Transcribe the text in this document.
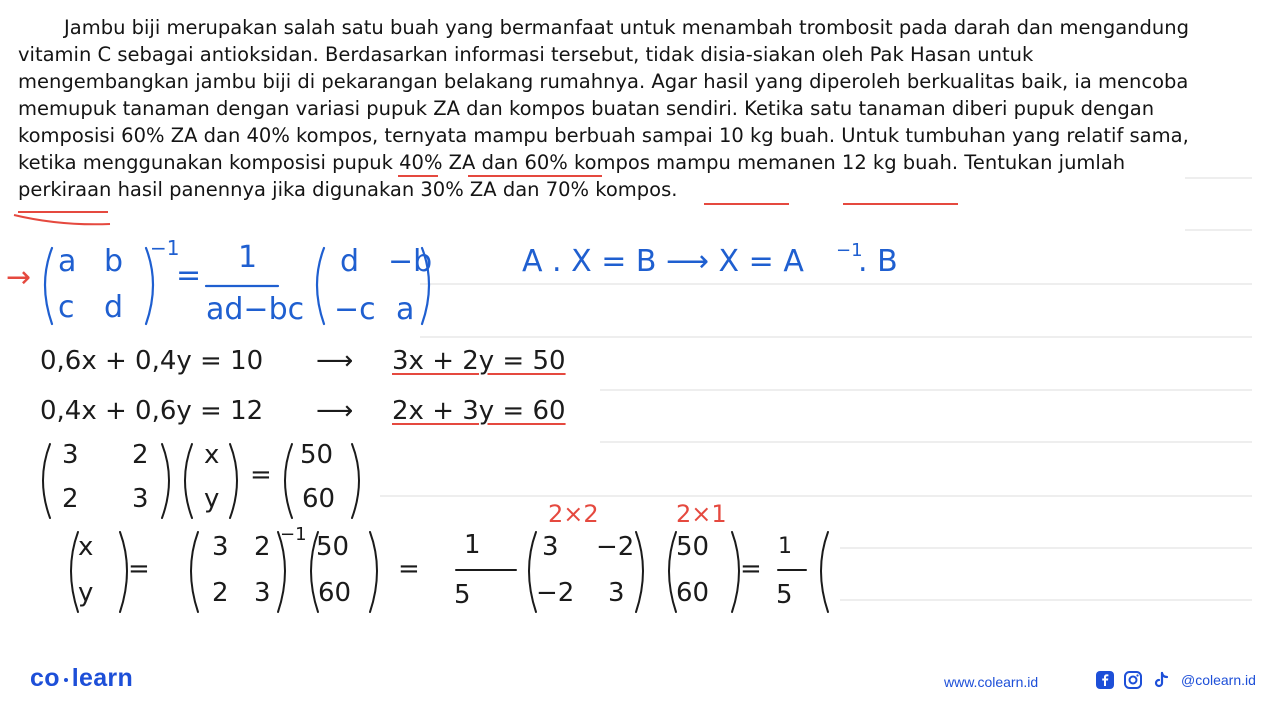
Jambu biji merupakan salah satu buah yang bermanfaat untuk menambah trombosit pada darah dan mengandung vitamin C sebagai antioksidan. Berdasarkan informasi tersebut, tidak disia-siakan oleh Pak Hasan untuk mengembangkan jambu biji di pekarangan belakang rumahnya. Agar hasil yang diperoleh berkualitas baik, ia mencoba memupuk tanaman dengan variasi pupuk ZA dan kompos buatan sendiri. Ketika satu tanaman diberi pupuk dengan komposisi 60% ZA dan 40% kompos, ternyata mampu berbuah sampai 10 kg buah. Untuk tumbuhan yang relatif sama, ketika menggunakan komposisi pupuk 40% ZA dan 60% kompos mampu memanen 12 kg buah. Tentukan jumlah perkiraan hasil panennya jika digunakan 30% ZA dan 70% kompos.

→ a b
c d
−1
=
1
ad−bc
d −b
−c a
A . X = B ⟶ X = A −1
. B
0,6x + 0,4y = 10 ⟶ 3x + 2y = 50
0,4x + 0,6y = 12 ⟶ 2x + 3y = 60
3 2
2 3
x
y
=
50
60	2×2	2×1
x
y
=
3 2
2 3
−1 50
60
=
1
5
3 −2
−2 3
50
60
=
1
5
co learn	www.colearn.id	@colearn.id
